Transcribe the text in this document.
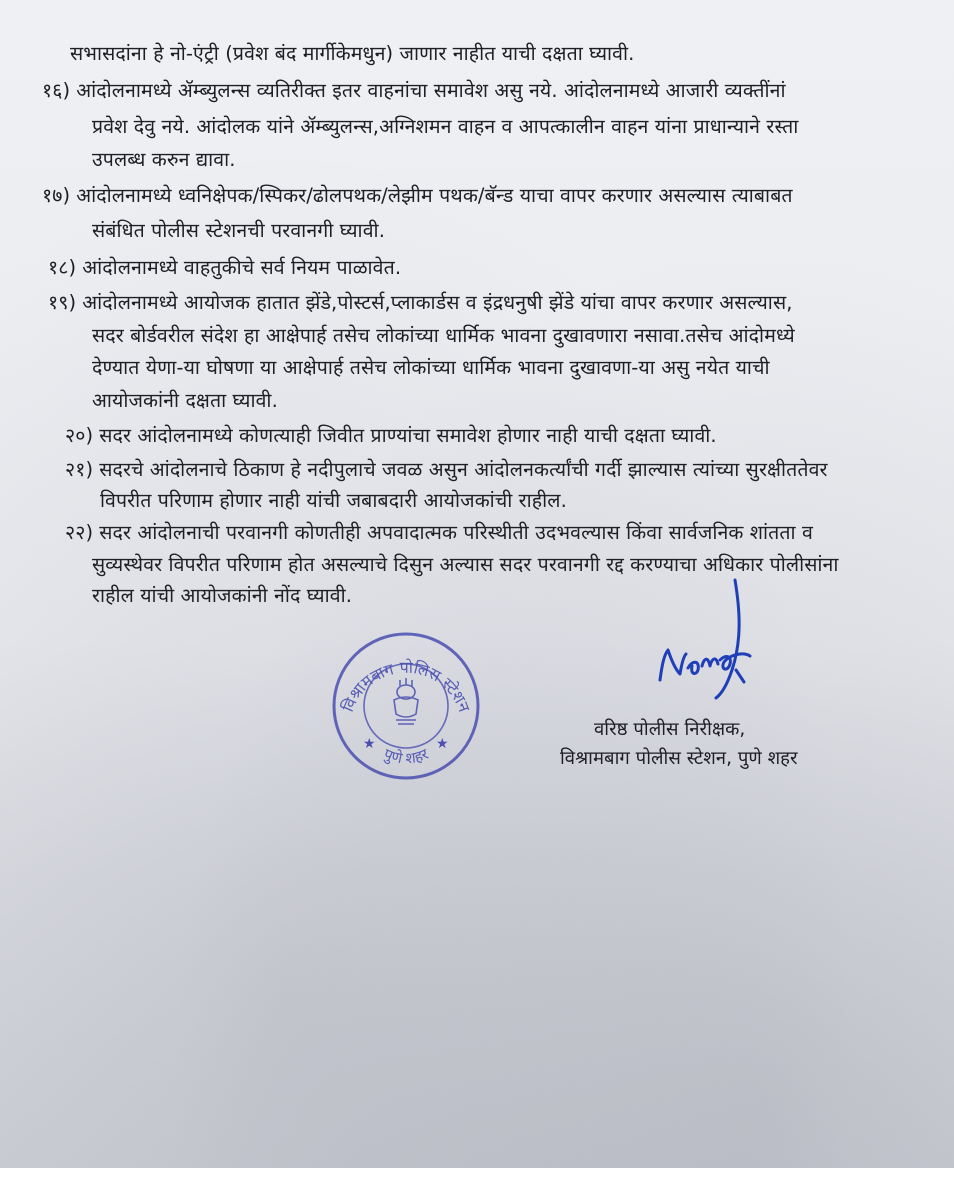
सभासदांना हे नो-एंट्री (प्रवेश बंद मार्गीकेमधुन) जाणार नाहीत याची दक्षता घ्यावी.
१६) आंदोलनामध्ये ॲम्ब्युलन्स व्यतिरीक्त इतर वाहनांचा समावेश असु नये. आंदोलनामध्ये आजारी व्यक्तींनां
प्रवेश देवु नये. आंदोलक यांने ॲम्ब्युलन्स,अग्निशमन वाहन व आपत्कालीन वाहन यांना प्राधान्याने रस्ता
उपलब्ध करुन द्यावा.
१७) आंदोलनामध्ये ध्वनिक्षेपक/स्पिकर/ढोलपथक/लेझीम पथक/बॅन्ड याचा वापर करणार असल्यास त्याबाबत
संबंधित पोलीस स्टेशनची परवानगी घ्यावी.
१८) आंदोलनामध्ये वाहतुकीचे सर्व नियम पाळावेत.
१९) आंदोलनामध्ये आयोजक हातात झेंडे,पोस्टर्स,प्लाकार्डस व इंद्रधनुषी झेंडे यांचा वापर करणार असल्यास,
सदर बोर्डवरील संदेश हा आक्षेपार्ह तसेच लोकांच्या धार्मिक भावना दुखावणारा नसावा.तसेच आंदोमध्ये
देण्यात येणा-या घोषणा या आक्षेपार्ह तसेच लोकांच्या धार्मिक भावना दुखावणा-या असु नयेत याची
आयोजकांनी दक्षता घ्यावी.
२०) सदर आंदोलनामध्ये कोणत्याही जिवीत प्राण्यांचा समावेश होणार नाही याची दक्षता घ्यावी.
२१) सदरचे आंदोलनाचे ठिकाण हे नदीपुलाचे जवळ असुन आंदोलनकर्त्यांची गर्दी झाल्यास त्यांच्या सुरक्षीततेवर
विपरीत परिणाम होणार नाही यांची जबाबदारी आयोजकांची राहील.
२२) सदर आंदोलनाची परवानगी कोणतीही अपवादात्मक परिस्थीती उदभवल्यास किंवा सार्वजनिक शांतता व
सुव्यस्थेवर विपरीत परिणाम होत असल्याचे दिसुन अल्यास सदर परवानगी रद्द करण्याचा अधिकार पोलीसांना
राहील यांची आयोजकांनी नोंद घ्यावी.
विश्रामबाग पोलिस स्टेशन
पुणे शहर
★	★
वरिष्ठ पोलीस निरीक्षक,
विश्रामबाग पोलीस स्टेशन, पुणे शहर
